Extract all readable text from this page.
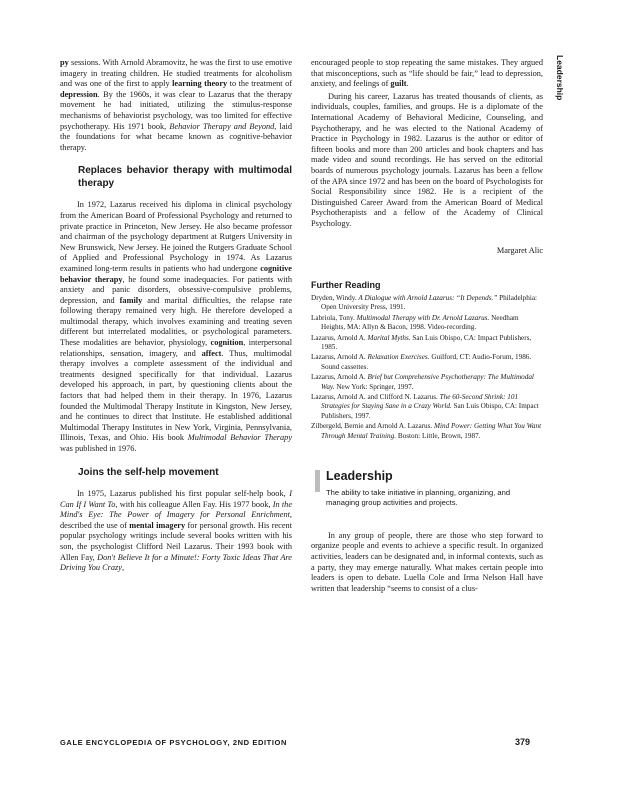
Leadership

py sessions. With Arnold Abramovitz, he was the first to use emotive imagery in treating children. He studied treatments for alcoholism and was one of the first to apply learning theory to the treatment of depression. By the 1960s, it was clear to Lazarus that the therapy movement he had initiated, utilizing the stimulus-response mechanisms of behaviorist psychology, was too limited for effective psychotherapy. His 1971 book, Behavior Therapy and Beyond, laid the foundations for what became known as cognitive-behavior therapy.

Replaces behavior therapy with multimodal therapy

In 1972, Lazarus received his diploma in clinical psychology from the American Board of Professional Psychology and returned to private practice in Princeton, New Jersey. He also became professor and chairman of the psychology department at Rutgers University in New Brunswick, New Jersey. He joined the Rutgers Graduate School of Applied and Professional Psychology in 1974. As Lazarus examined long-term results in patients who had undergone cognitive behavior therapy, he found some inadequacies. For patients with anxiety and panic disorders, obsessive-compulsive problems, depression, and family and marital difficulties, the relapse rate following therapy remained very high. He therefore developed a multimodal therapy, which involves examining and treating seven different but interrelated modalities, or psychological parameters. These modalities are behavior, physiology, cognition, interpersonal relationships, sensation, imagery, and affect. Thus, multimodal therapy involves a complete assessment of the individual and treatments designed specifically for that individual. Lazarus developed his approach, in part, by questioning clients about the factors that had helped them in their therapy. In 1976, Lazarus founded the Multimodal Therapy Institute in Kingston, New Jersey, and he continues to direct that Institute. He established additional Multimodal Therapy Institutes in New York, Virginia, Pennsylvania, Illinois, Texas, and Ohio. His book Multimodal Behavior Therapy was published in 1976.

Joins the self-help movement

In 1975, Lazarus published his first popular self-help book, I Can If I Want To, with his colleague Allen Fay. His 1977 book, In the Mind's Eye: The Power of Imagery for Personal Enrichment, described the use of mental imagery for personal growth. His recent popular psychology writings include several books written with his son, the psychologist Clifford Neil Lazarus. Their 1993 book with Allen Fay, Don't Believe It for a Minute!: Forty Toxic Ideas That Are Driving You Crazy,

encouraged people to stop repeating the same mistakes. They argued that misconceptions, such as “life should be fair,” lead to depression, anxiety, and feelings of guilt.

During his career, Lazarus has treated thousands of clients, as individuals, couples, families, and groups. He is a diplomate of the International Academy of Behavioral Medicine, Counseling, and Psychotherapy, and he was elected to the National Academy of Practice in Psychology in 1982. Lazarus is the author or editor of fifteen books and more than 200 articles and book chapters and has made video and sound recordings. He has served on the editorial boards of numerous psychology journals. Lazarus has been a fellow of the APA since 1972 and has been on the board of Psychologists for Social Responsibility since 1982. He is a recipient of the Distinguished Career Award from the American Board of Medical Psychotherapists and a fellow of the Academy of Clinical Psychology.

Margaret Alic

Further Reading

Dryden, Windy. A Dialogue with Arnold Lazarus: “It Depends.” Philadelphia: Open University Press, 1991.

Labriola, Tony. Multimodal Therapy with Dr. Arnold Lazarus. Needham Heights, MA: Allyn & Bacon, 1998. Video-recording.

Lazarus, Arnold A. Marital Myths. San Luis Obispo, CA: Impact Publishers, 1985.

Lazarus, Arnold A. Relaxation Exercises. Guilford, CT: Audio-Forum, 1986. Sound cassettes.

Lazarus, Arnold A. Brief but Comprehensive Psychotherapy: The Multimodal Way. New York: Springer, 1997.

Lazarus, Arnold A. and Clifford N. Lazarus. The 60-Second Shrink: 101 Strategies for Staying Sane in a Crazy World. San Luis Obispo, CA: Impact Publishers, 1997.

Zilbergeld, Bernie and Arnold A. Lazarus. Mind Power: Getting What You Want Through Mental Training. Boston: Little, Brown, 1987.

Leadership
The ability to take initiative in planning, organizing, and managing group activities and projects.

In any group of people, there are those who step forward to organize people and events to achieve a specific result. In organized activities, leaders can be designated and, in informal contexts, such as a party, they may emerge naturally. What makes certain people into leaders is open to debate. Luella Cole and Irma Nelson Hall have written that leadership “seems to consist of a clus-

GALE ENCYCLOPEDIA OF PSYCHOLOGY, 2ND EDITION	379
